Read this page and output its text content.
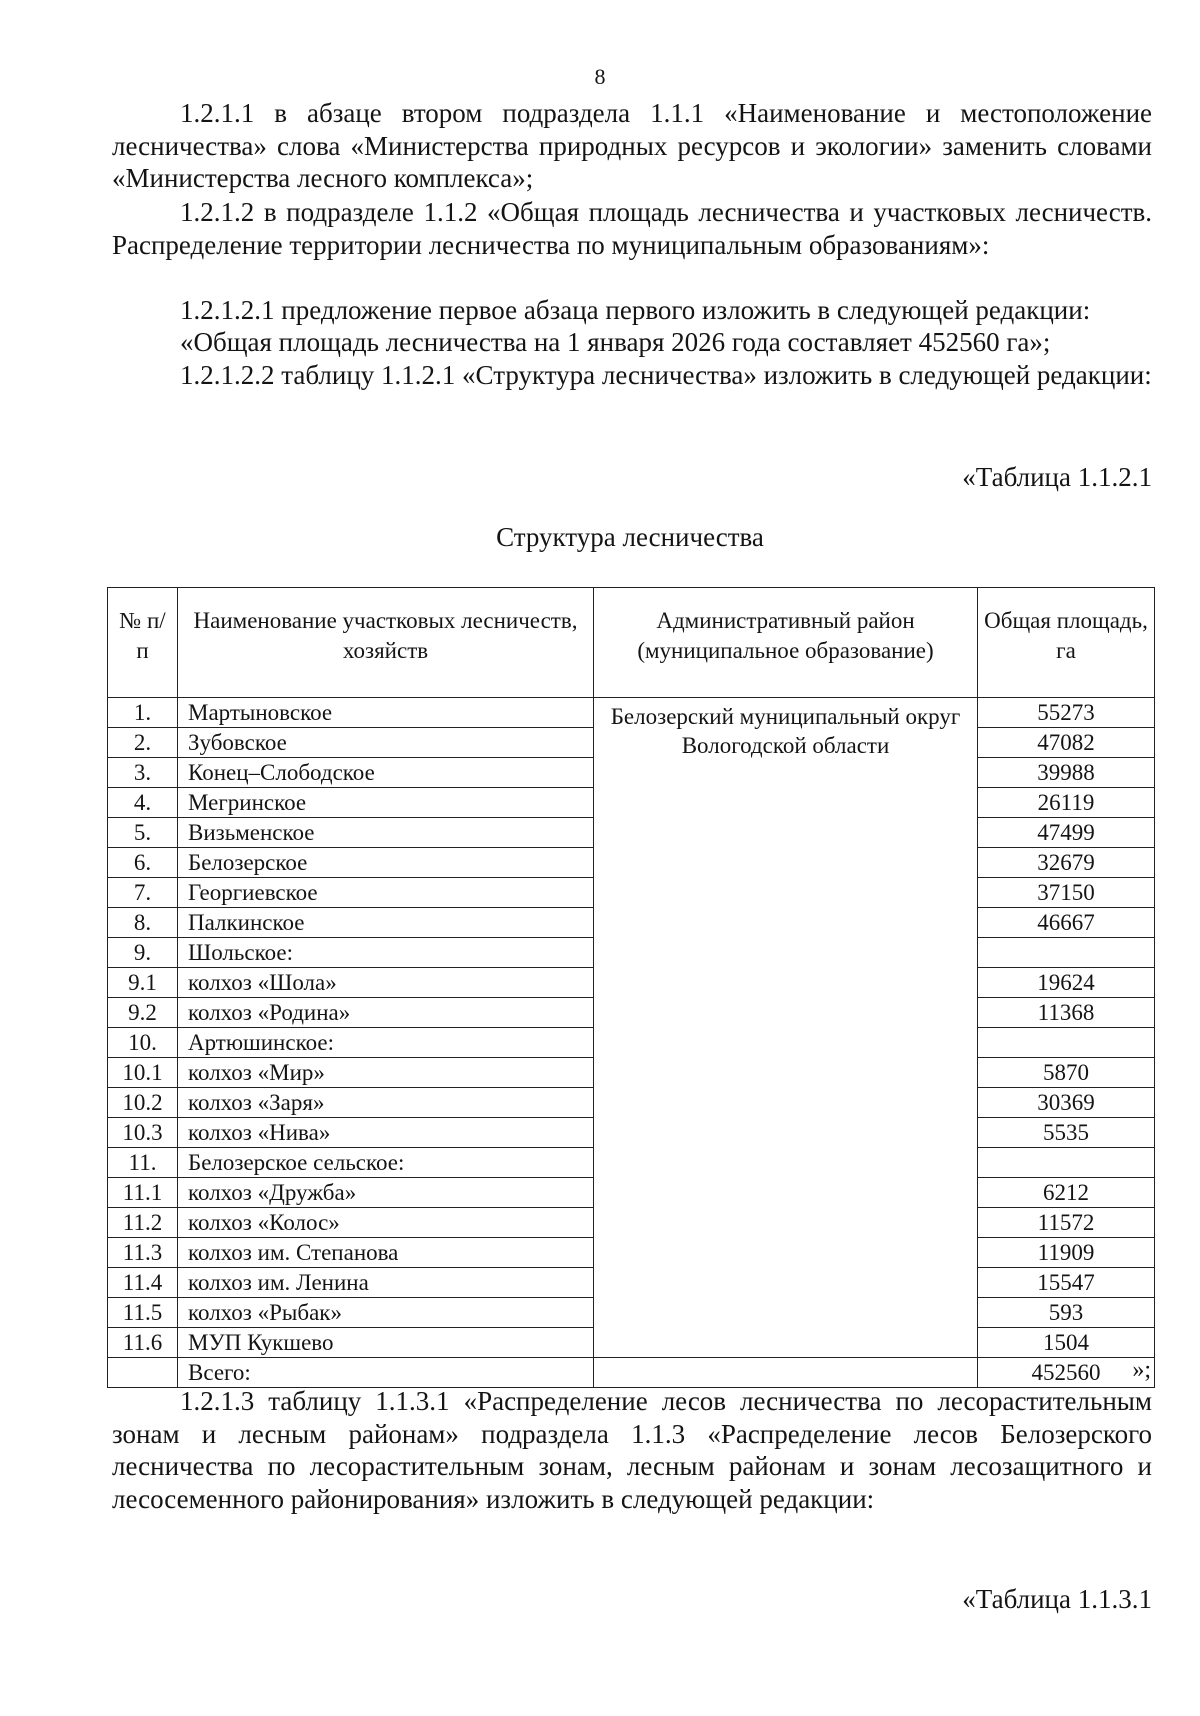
8

1.2.1.1 в абзаце втором подраздела 1.1.1 «Наименование и местоположение лесничества» слова «Министерства природных ресурсов и экологии» заменить словами «Министерства лесного комплекса»;

1.2.1.2 в подразделе 1.1.2 «Общая площадь лесничества и участковых лесничеств. Распределение территории лесничества по муниципальным образованиям»:

1.2.1.2.1 предложение первое абзаца первого изложить в следующей редакции:

«Общая площадь лесничества на 1 января 2026 года составляет 452560 га»;

1.2.1.2.2 таблицу 1.1.2.1 «Структура лесничества» изложить в следующей редакции:

«Таблица 1.1.2.1
Структура лесничества
№ п/п	Наименование участковых лесничеств, хозяйств	Административный район (муниципальное образование)	Общая площадь, га
1.	Мартыновское	Белозерский муниципальный округ Вологодской области	55273
2.	Зубовское		47082
3.	Конец–Слободское		39988
4.	Мегринское		26119
5.	Визьменское		47499
6.	Белозерское		32679
7.	Георгиевское		37150
8.	Палкинское		46667
9.	Шольское:		
9.1	колхоз «Шола»		19624
9.2	колхоз «Родина»		11368
10.	Артюшинское:		
10.1	колхоз «Мир»		5870
10.2	колхоз «Заря»		30369
10.3	колхоз «Нива»		5535
11.	Белозерское сельское:		
11.1	колхоз «Дружба»		6212
11.2	колхоз «Колос»		11572
11.3	колхоз им. Степанова		11909
11.4	колхоз им. Ленина		15547
11.5	колхоз «Рыбак»		593
11.6	МУП Кукшево		1504
	Всего:		452560 »;

1.2.1.3 таблицу 1.1.3.1 «Распределение лесов лесничества по лесорастительным зонам и лесным районам» подраздела 1.1.3 «Распределение лесов Белозерского лесничества по лесорастительным зонам, лесным районам и зонам лесозащитного и лесосеменного районирования» изложить в следующей редакции:

«Таблица 1.1.3.1
